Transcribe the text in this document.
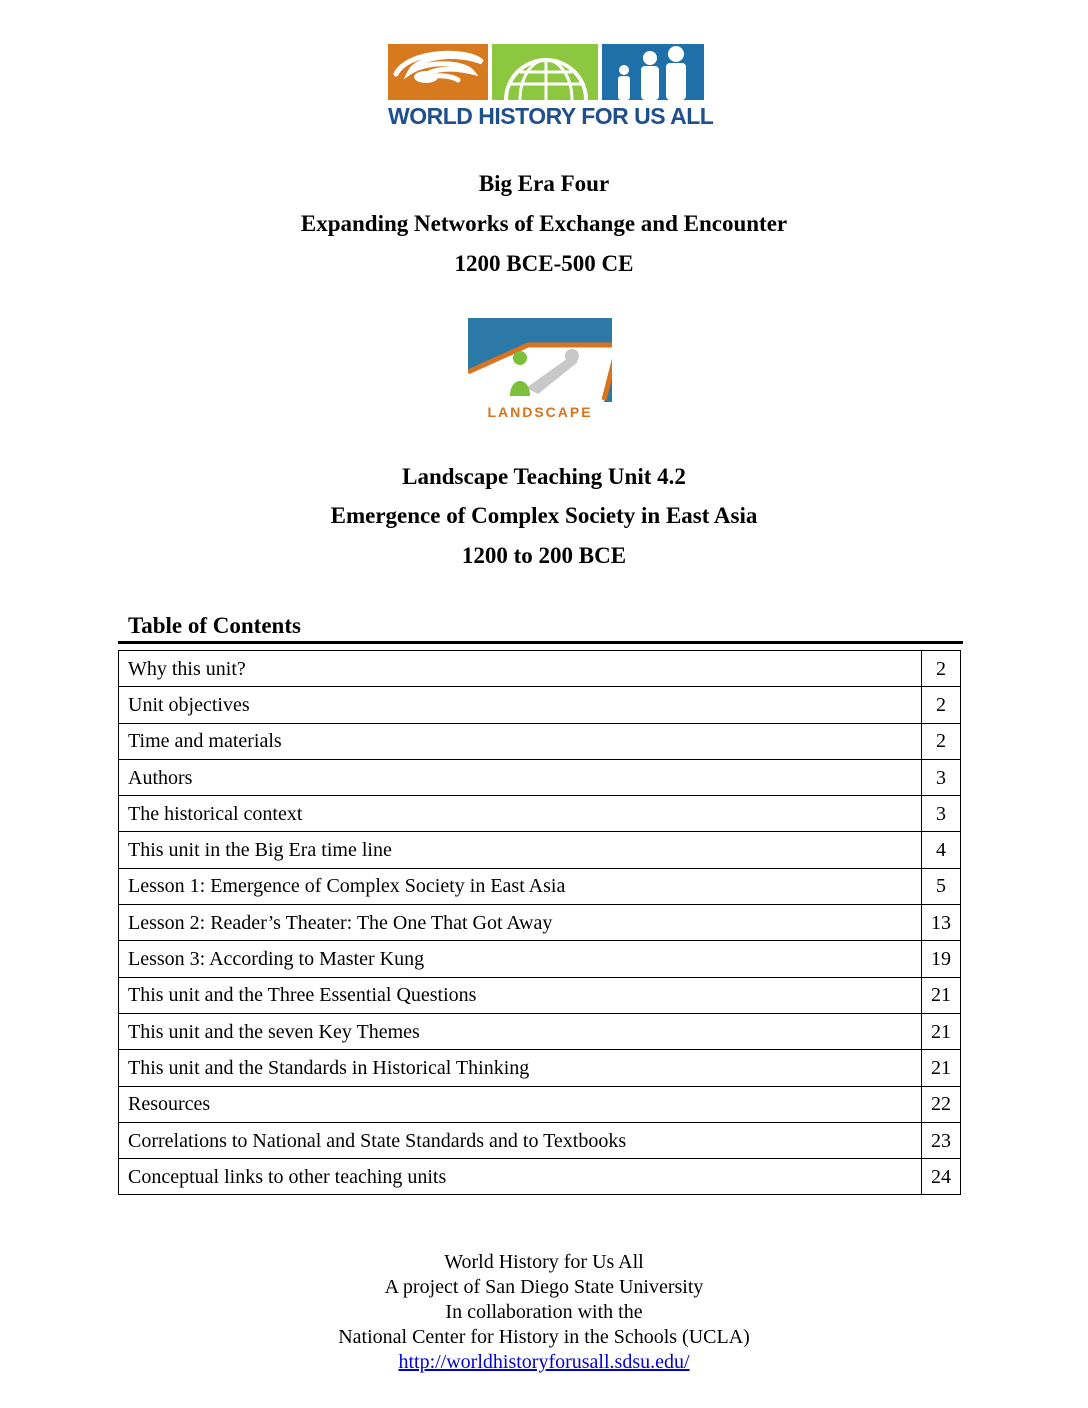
WORLD HISTORY FOR US ALL
Big Era Four
Expanding Networks of Exchange and Encounter
1200 BCE-500 CE
LANDSCAPE
Landscape Teaching Unit 4.2
Emergence of Complex Society in East Asia
1200 to 200 BCE
Table of Contents
Why this unit?	2
Unit objectives	2
Time and materials	2
Authors	3
The historical context	3
This unit in the Big Era time line	4
Lesson 1: Emergence of Complex Society in East Asia	5
Lesson 2: Reader’s Theater: The One That Got Away	13
Lesson 3: According to Master Kung	19
This unit and the Three Essential Questions	21
This unit and the seven Key Themes	21
This unit and the Standards in Historical Thinking	21
Resources	22
Correlations to National and State Standards and to Textbooks	23
Conceptual links to other teaching units	24
World History for Us All
A project of San Diego State University
In collaboration with the
National Center for History in the Schools (UCLA)
http://worldhistoryforusall.sdsu.edu/
